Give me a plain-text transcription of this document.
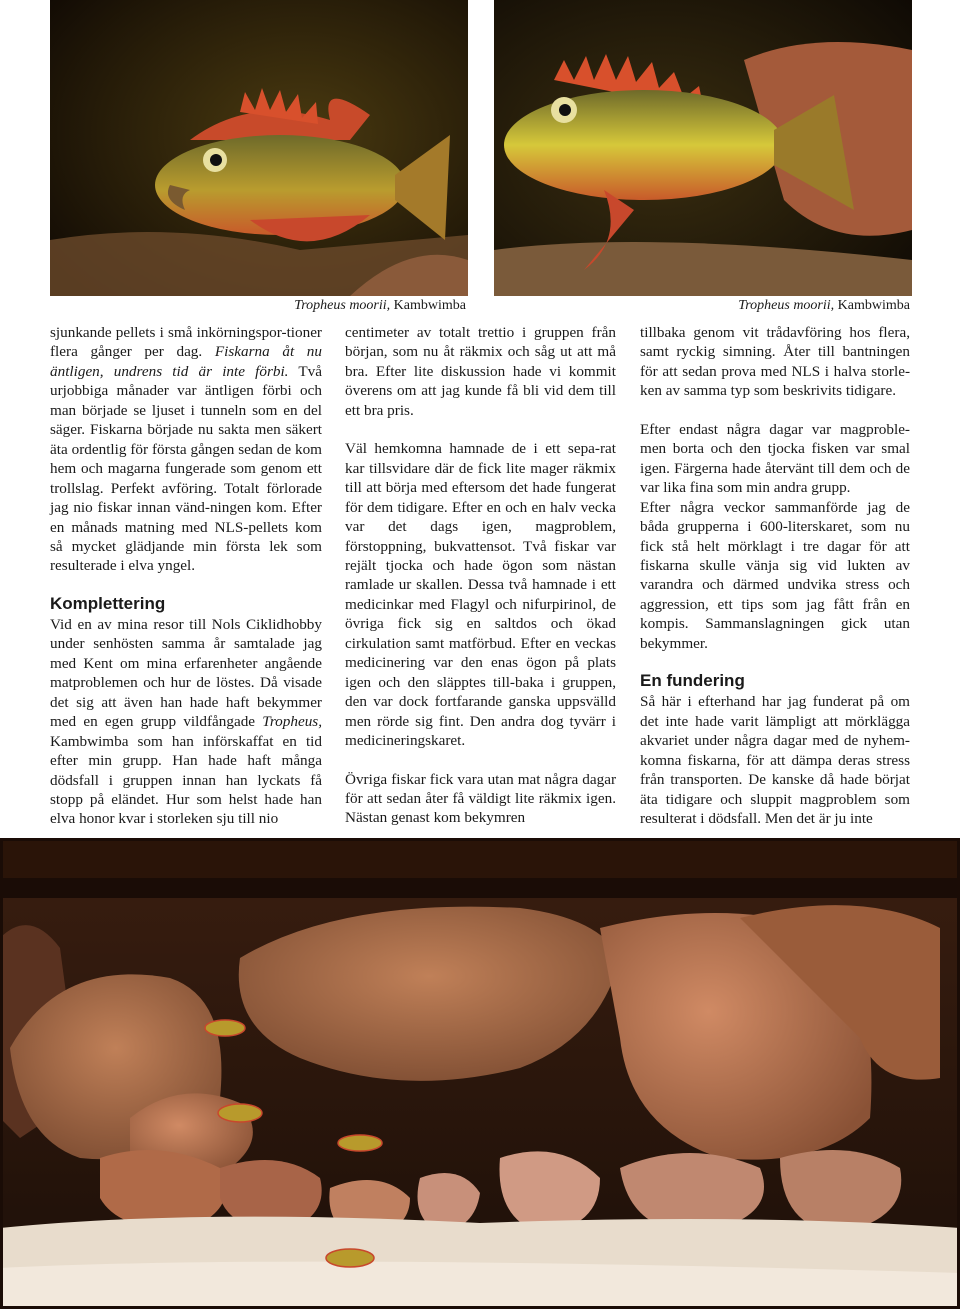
Tropheus moorii, Kambwimba	Tropheus moorii, Kambwimba

sjunkande pellets i små inkörningspor-tioner flera gånger per dag. Fiskarna åt nu äntligen, undrens tid är inte förbi. Två urjobbiga månader var äntligen förbi och man började se ljuset i tunneln som en del säger. Fiskarna började nu sakta men säkert äta ordentlig för första gången sedan de kom hem och magarna fungerade som genom ett trollslag. Perfekt avföring. Totalt förlorade jag nio fiskar innan vänd-ningen kom. Efter en månads matning med NLS-pellets kom så mycket glädjande min första lek som resulterade i elva yngel.

Komplettering

Vid en av mina resor till Nols Ciklidhobby under senhösten samma år samtalade jag med Kent om mina erfarenheter angående matproblemen och hur de löstes. Då visade det sig att även han hade haft bekymmer med en egen grupp vildfångade Tropheus, Kambwimba som han införskaffat en tid efter min grupp. Han hade haft många dödsfall i gruppen innan han lyckats få stopp på eländet. Hur som helst hade han elva honor kvar i storleken sju till nio

centimeter av totalt trettio i gruppen från början, som nu åt räkmix och såg ut att må bra. Efter lite diskussion hade vi kommit överens om att jag kunde få bli vid dem till ett bra pris.

Väl hemkomna hamnade de i ett sepa-rat kar tillsvidare där de fick lite mager räkmix till att börja med eftersom det hade fungerat för dem tidigare. Efter en och en halv vecka var det dags igen, magproblem, förstoppning, bukvattensot. Två fiskar var rejält tjocka och hade ögon som nästan ramlade ur skallen. Dessa två hamnade i ett medicinkar med Flagyl och nifurpirinol, de övriga fick sig en saltdos och ökad cirkulation samt matförbud. Efter en veckas medicinering var den enas ögon på plats igen och den släpptes till-baka i gruppen, den var dock fortfarande ganska uppsvälld men rörde sig fint. Den andra dog tyvärr i medicineringskaret.

Övriga fiskar fick vara utan mat några dagar för att sedan åter få väldigt lite räkmix igen. Nästan genast kom bekymren

tillbaka genom vit trådavföring hos flera, samt ryckig simning. Åter till bantningen för att sedan prova med NLS i halva storle-ken av samma typ som beskrivits tidigare.

Efter endast några dagar var magproble-men borta och den tjocka fisken var smal igen. Färgerna hade återvänt till dem och de var lika fina som min andra grupp.

Efter några veckor sammanförde jag de båda grupperna i 600-literskaret, som nu fick stå helt mörklagt i tre dagar för att fiskarna skulle vänja sig vid lukten av varandra och därmed undvika stress och aggression, ett tips som jag fått från en kompis. Sammanslagningen gick utan bekymmer.

En fundering

Så här i efterhand har jag funderat på om det inte hade varit lämpligt att mörklägga akvariet under några dagar med de nyhem-komna fiskarna, för att dämpa deras stress från transporten. De kanske då hade börjat äta tidigare och sluppit magproblem som resulterat i dödsfall. Men det är ju inte
